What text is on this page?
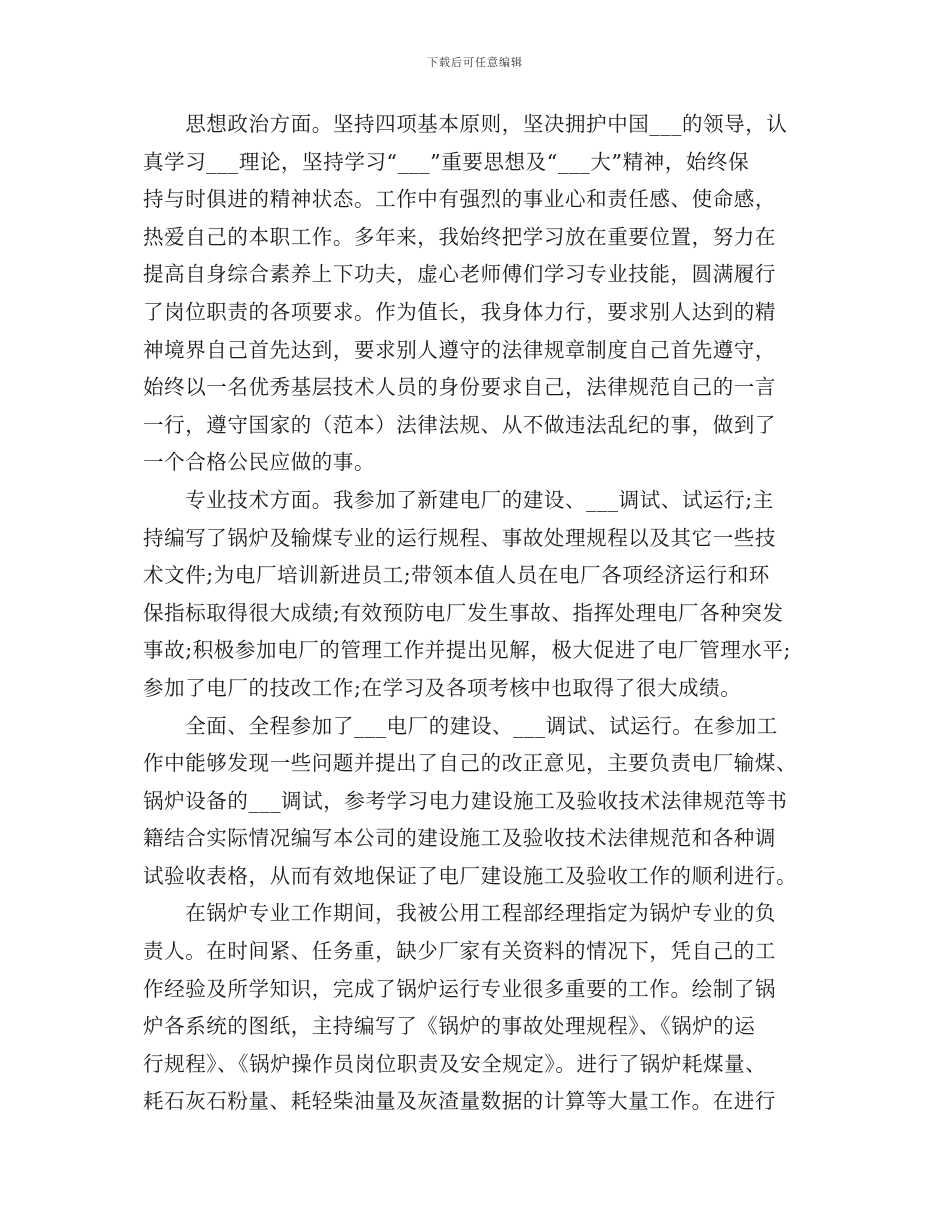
下载后可任意编辑
　　思想政治方面。坚持四项基本原则，坚决拥护中国___的领导，认
真学习___理论，坚持学习“___”重要思想及“___大”精神，始终保
持与时俱进的精神状态。工作中有强烈的事业心和责任感、使命感，
热爱自己的本职工作。多年来，我始终把学习放在重要位置，努力在
提高自身综合素养上下功夫，虚心老师傅们学习专业技能，圆满履行
了岗位职责的各项要求。作为值长，我身体力行，要求别人达到的精
神境界自己首先达到，要求别人遵守的法律规章制度自己首先遵守，
始终以一名优秀基层技术人员的身份要求自己，法律规范自己的一言
一行，遵守国家的（范本）法律法规、从不做违法乱纪的事，做到了
一个合格公民应做的事。
　　专业技术方面。我参加了新建电厂的建设、___调试、试运行;主
持编写了锅炉及输煤专业的运行规程、事故处理规程以及其它一些技
术文件;为电厂培训新进员工;带领本值人员在电厂各项经济运行和环
保指标取得很大成绩;有效预防电厂发生事故、指挥处理电厂各种突发
事故;积极参加电厂的管理工作并提出见解，极大促进了电厂管理水平;
参加了电厂的技改工作;在学习及各项考核中也取得了很大成绩。
　　全面、全程参加了___电厂的建设、___调试、试运行。在参加工
作中能够发现一些问题并提出了自己的改正意见，主要负责电厂输煤、
锅炉设备的___调试，参考学习电力建设施工及验收技术法律规范等书
籍结合实际情况编写本公司的建设施工及验收技术法律规范和各种调
试验收表格，从而有效地保证了电厂建设施工及验收工作的顺利进行。
　　在锅炉专业工作期间，我被公用工程部经理指定为锅炉专业的负
责人。在时间紧、任务重，缺少厂家有关资料的情况下，凭自己的工
作经验及所学知识，完成了锅炉运行专业很多重要的工作。绘制了锅
炉各系统的图纸，主持编写了《锅炉的事故处理规程》、《锅炉的运
行规程》、《锅炉操作员岗位职责及安全规定》。进行了锅炉耗煤量、
耗石灰石粉量、耗轻柴油量及灰渣量数据的计算等大量工作。在进行
